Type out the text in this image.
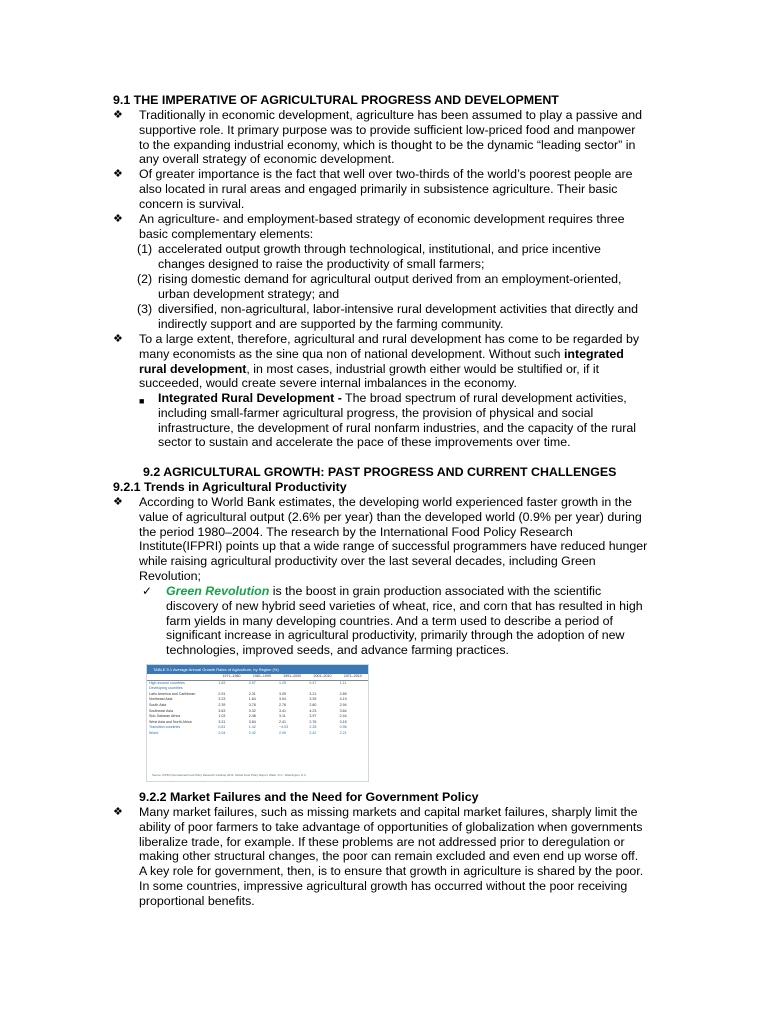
9.1 THE IMPERATIVE OF AGRICULTURAL PROGRESS AND DEVELOPMENT
❖	Traditionally in economic development, agriculture has been assumed to play a passive and
supportive role. It primary purpose was to provide sufficient low-priced food and manpower
to the expanding industrial economy, which is thought to be the dynamic “leading sector” in
any overall strategy of economic development.
❖	Of greater importance is the fact that well over two-thirds of the world’s poorest people are
also located in rural areas and engaged primarily in subsistence agriculture. Their basic
concern is survival.
❖	An agriculture- and employment-based strategy of economic development requires three
basic complementary elements:
(1) accelerated output growth through technological, institutional, and price incentive
changes designed to raise the productivity of small farmers;
(2) rising domestic demand for agricultural output derived from an employment-oriented,
urban development strategy; and
(3) diversified, non-agricultural, labor-intensive rural development activities that directly and
indirectly support and are supported by the farming community.
❖	To a large extent, therefore, agricultural and rural development has come to be regarded by
many economists as the sine qua non of national development. Without such integrated
rural development, in most cases, industrial growth either would be stultified or, if it
succeeded, would create severe internal imbalances in the economy.
■ Integrated Rural Development - The broad spectrum of rural development activities,
including small-farmer agricultural progress, the provision of physical and social
infrastructure, the development of rural nonfarm industries, and the capacity of the rural
sector to sustain and accelerate the pace of these improvements over time.
9.2 AGRICULTURAL GROWTH: PAST PROGRESS AND CURRENT CHALLENGES
9.2.1 Trends in Agricultural Productivity
❖	According to World Bank estimates, the developing world experienced faster growth in the
value of agricultural output (2.6% per year) than the developed world (0.9% per year) during
the period 1980–2004. The research by the International Food Policy Research
Institute(IFPRI) points up that a wide range of successful programmers have reduced hunger
while raising agricultural productivity over the last several decades, including Green
Revolution;
✓ Green Revolution is the boost in grain production associated with the scientific
discovery of new hybrid seed varieties of wheat, rice, and corn that has resulted in high
farm yields in many developing countries. And a term used to describe a period of
significant increase in agricultural productivity, primarily through the adoption of new
technologies, improved seeds, and advance farming practices.
TABLE 9.1 Average Annual Growth Rates of Agriculture, by Region (%)
	1971–1980	1981–1990	1991–2000	2001–2010	1971–2010
High-income countries	1.83	0.97	1.25	0.47	1.11
Developing countries					
Latin America and Caribbean	2.91	2.31	3.09	3.21	2.89
Northeast Asia	3.23	1.84	3.04	3.39	4.19
South Asia	2.39	3.78	2.76	2.80	2.94
Southeast Asia	3.63	3.32	3.41	4.23	3.64
Sub-Saharan Africa	1.03	2.48	3.11	3.97	2.44
West Asia and North Africa	3.31	3.84	2.41	2.76	3.15
Transition countries	0.81	1.42	−4.03	2.28	0.96
World	2.04	2.42	2.09	2.42	2.21
Source: IFPRI (International Food Policy Research Institute) 2013. Global Food Policy Report. Wash. D.C.: Washington, D.C.
9.2.2 Market Failures and the Need for Government Policy
❖	Many market failures, such as missing markets and capital market failures, sharply limit the
ability of poor farmers to take advantage of opportunities of globalization when governments
liberalize trade, for example. If these problems are not addressed prior to deregulation or
making other structural changes, the poor can remain excluded and even end up worse off.
A key role for government, then, is to ensure that growth in agriculture is shared by the poor.
In some countries, impressive agricultural growth has occurred without the poor receiving
proportional benefits.
